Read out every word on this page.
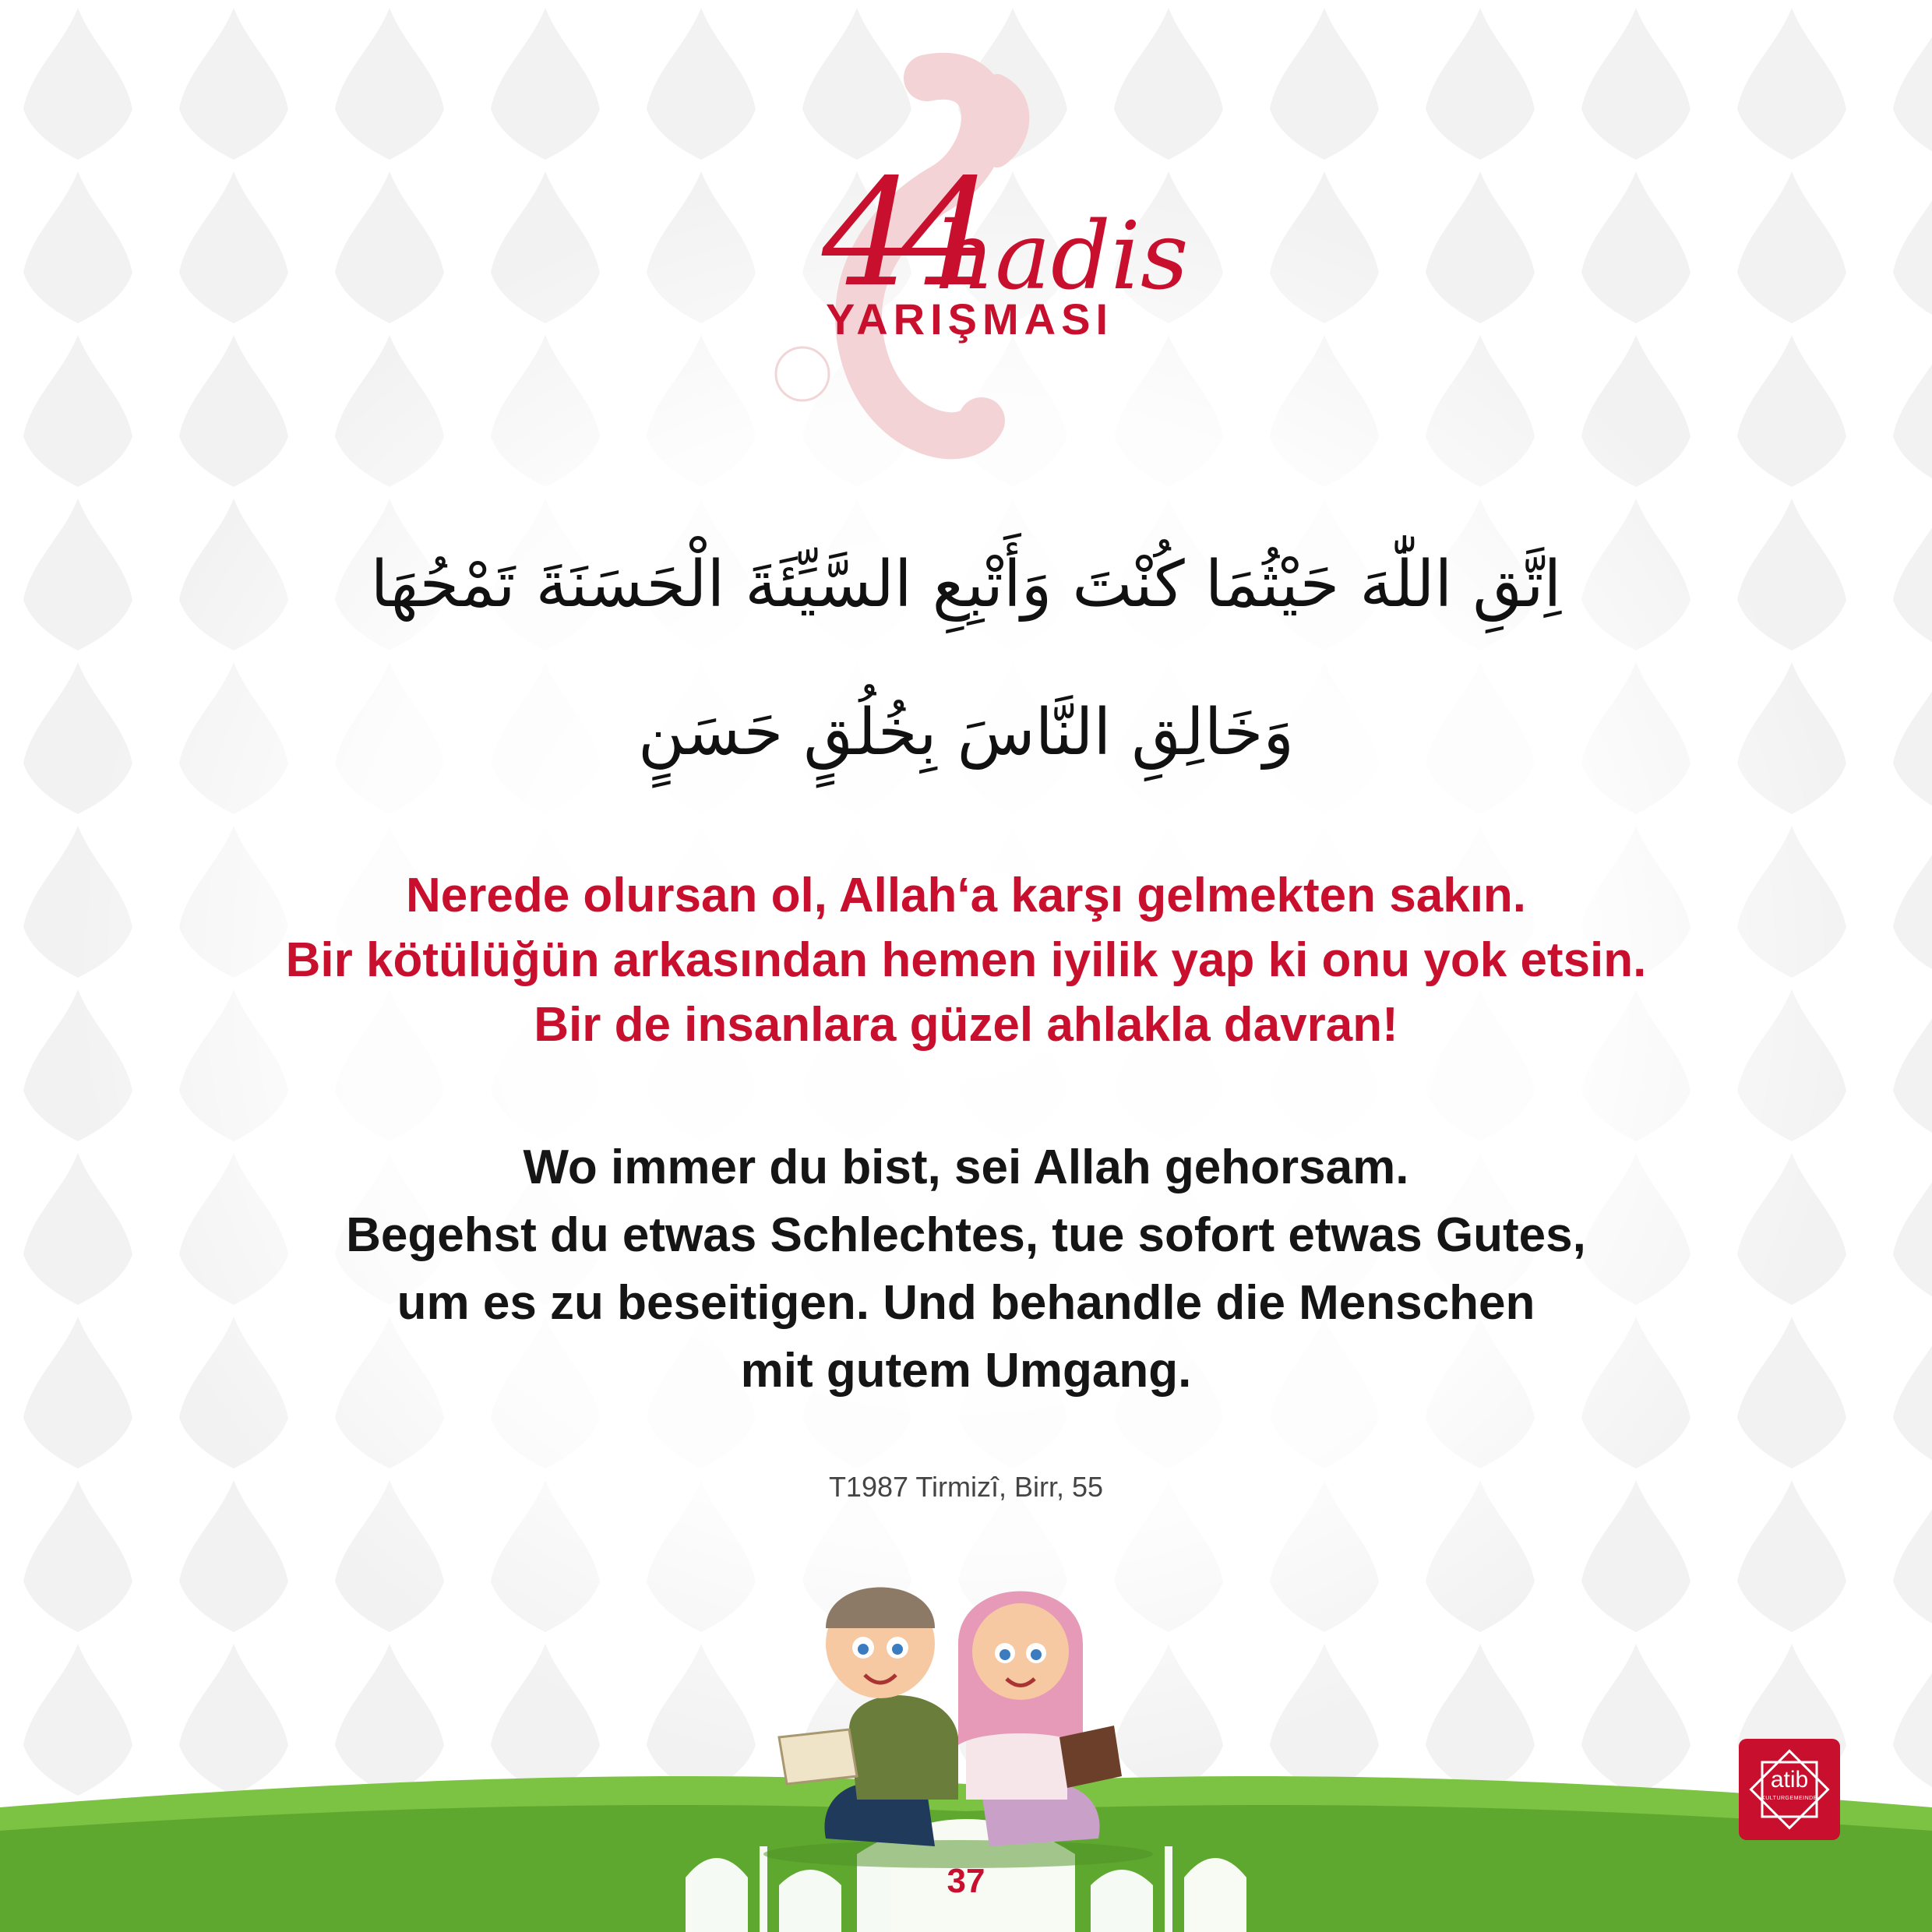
44
hadis
YARIŞMASI
اِتَّقِ اللّٰهَ حَيْثُمَا كُنْتَ وَأَتْبِعِ السَّيِّئَةَ الْحَسَنَةَ تَمْحُهَا
وَخَالِقِ النَّاسَ بِخُلُقٍ حَسَنٍ
Nerede olursan ol, Allah‘a karşı gelmekten sakın.
Bir kötülüğün arkasından hemen iyilik yap ki onu yok etsin.
Bir de insanlara güzel ahlakla davran!
Wo immer du bist, sei Allah gehorsam.
Begehst du etwas Schlechtes, tue sofort etwas Gutes,
um es zu beseitigen. Und behandle die Menschen
mit gutem Umgang.
T1987 Tirmizî, Birr, 55
37
atib
KULTURGEMEINDE
